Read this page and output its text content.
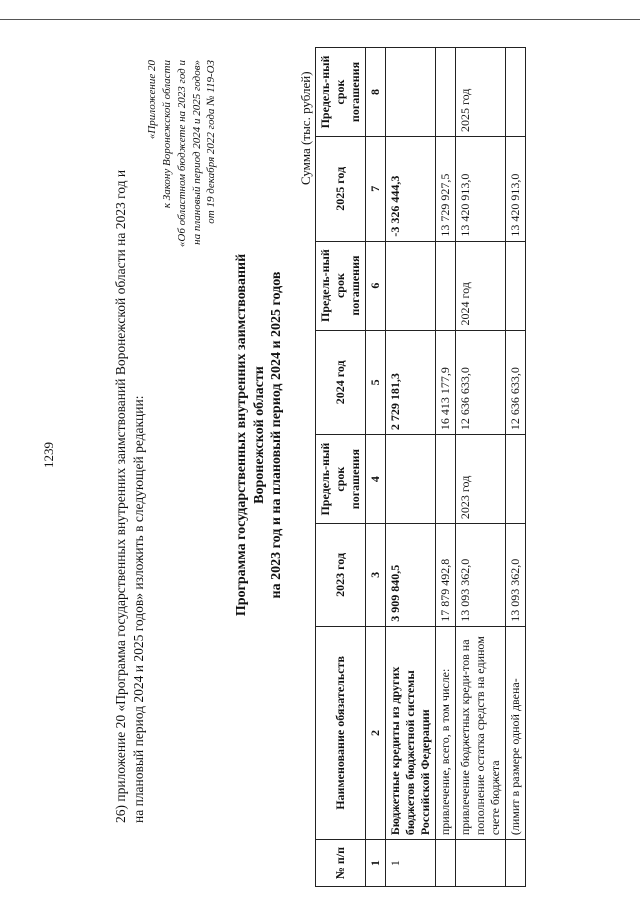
1239	26) приложение 20 «Программа государственных внутренних заимствований Воронежской области на 2023 год и на плановый период 2024 и 2025 годов» изложить в следующей редакции:

«Приложение 20 к Закону Воронежской области «Об областном бюджете на 2023 год и на плановый период 2024 и 2025 годов» от 19 декабря 2022 года № 119-ОЗ
Программа государственных внутренних заимствований Воронежской области на 2023 год и на плановый период 2024 и 2025 годов
Сумма (тыс. рублей)
№ п/п	Наименование обязательств	2023 год	Предель-ный срок погашения	2024 год	Предель-ный срок погашения	2025 год	Предель-ный срок погашения
1	2	3	4	5	6	7	8
1	Бюджетные кредиты из других бюджетов бюджетной системы Российской Федерации	3 909 840,5		2 729 181,3		-3 326 444,3	
	привлечение, всего, в том числе:	17 879 492,8		16 413 177,9		13 729 927,5	
	привлечение бюджетных креди-тов на пополнение остатка средств на едином счете бюджета	13 093 362,0	2023 год	12 636 633,0	2024 год	13 420 913,0	2025 год
	(лимит в размере одной двена-	13 093 362,0		12 636 633,0		13 420 913,0	
